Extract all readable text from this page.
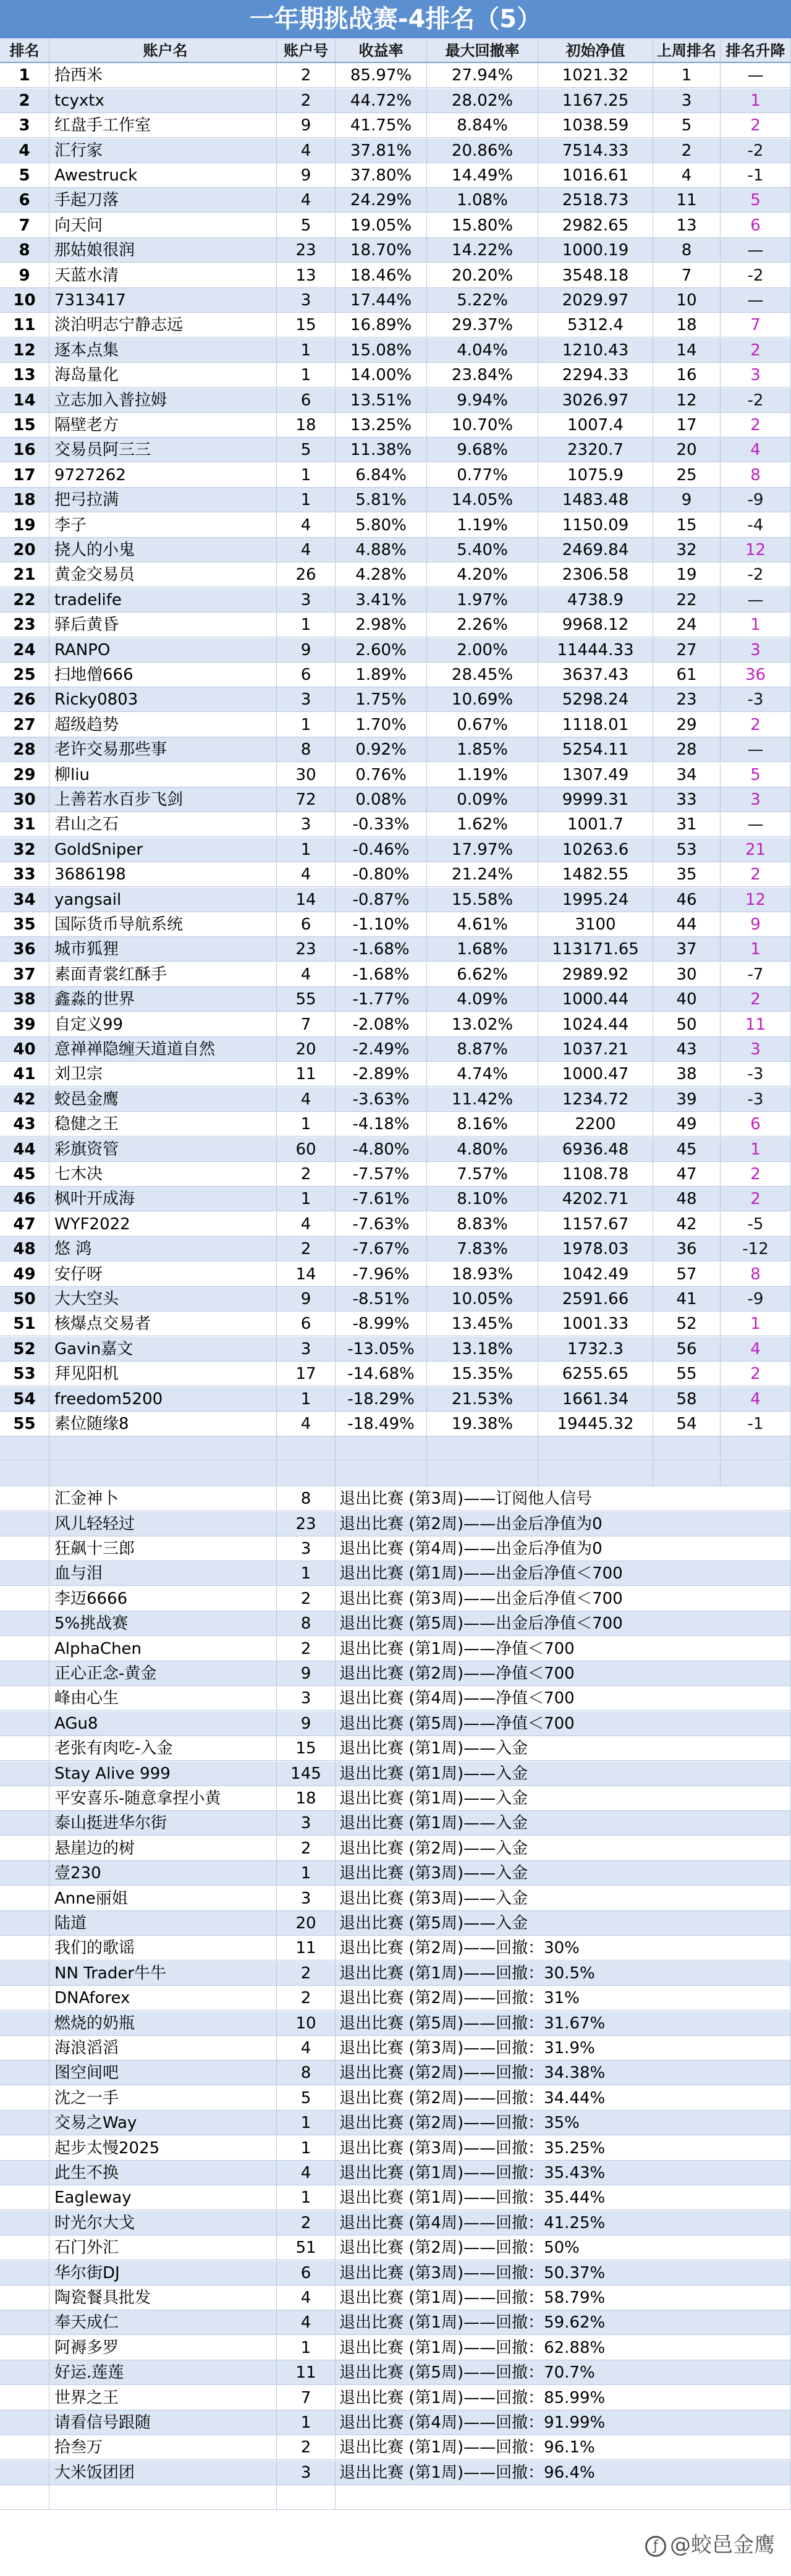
一年期挑战赛-4排名（5）
排名	账户名	账户号	收益率	最大回撤率	初始净值	上周排名 排名升降
1	拾西米	2	85.97%	27.94%	1021.32	1	—
2	tcyxtx	2	44.72%	28.02%	1167.25	3	1
3	红盘手工作室	9	41.75%	8.84%	1038.59	5	2
4	汇行家	4	37.81%	20.86%	7514.33	2	-2
5	Awestruck	9	37.80%	14.49%	1016.61	4	-1
6	手起刀落	4	24.29%	1.08%	2518.73	11	5
7	向天问	5	19.05%	15.80%	2982.65	13	6
8	那姑娘很润	23	18.70%	14.22%	1000.19	8	—
9	天蓝水清	13	18.46%	20.20%	3548.18	7	-2
10	7313417	3	17.44%	5.22%	2029.97	10	—
11	淡泊明志宁静志远	15	16.89%	29.37%	5312.4	18	7
12	逐本点集	1	15.08%	4.04%	1210.43	14	2
13	海岛量化	1	14.00%	23.84%	2294.33	16	3
14	立志加入普拉姆	6	13.51%	9.94%	3026.97	12	-2
15	隔壁老方	18	13.25%	10.70%	1007.4	17	2
16	交易员阿三三	5	11.38%	9.68%	2320.7	20	4
17	9727262	1	6.84%	0.77%	1075.9	25	8
18	把弓拉满	1	5.81%	14.05%	1483.48	9	-9
19	李子	4	5.80%	1.19%	1150.09	15	-4
20	挠人的小鬼	4	4.88%	5.40%	2469.84	32	12
21	黄金交易员	26	4.28%	4.20%	2306.58	19	-2
22	tradelife	3	3.41%	1.97%	4738.9	22	—
23	驿后黄昏	1	2.98%	2.26%	9968.12	24	1
24	RANPO	9	2.60%	2.00%	11444.33	27	3
25	扫地僧666	6	1.89%	28.45%	3637.43	61	36
26	Ricky0803	3	1.75%	10.69%	5298.24	23	-3
27	超级趋势	1	1.70%	0.67%	1118.01	29	2
28	老许交易那些事	8	0.92%	1.85%	5254.11	28	—
29	柳liu	30	0.76%	1.19%	1307.49	34	5
30	上善若水百步飞剑	72	0.08%	0.09%	9999.31	33	3
31	君山之石	3	-0.33%	1.62%	1001.7	31	—
32	GoldSniper	1	-0.46%	17.97%	10263.6	53	21
33	3686198	4	-0.80%	21.24%	1482.55	35	2
34	yangsail	14	-0.87%	15.58%	1995.24	46	12
35	国际货币导航系统	6	-1.10%	4.61%	3100	44	9
36	城市狐狸	23	-1.68%	1.68%	113171.65	37	1
37	素面青裳红酥手	4	-1.68%	6.62%	2989.92	30	-7
38	鑫淼的世界	55	-1.77%	4.09%	1000.44	40	2
39	自定义99	7	-2.08%	13.02%	1024.44	50	11
40	意禅禅隐缠天道道自然	20	-2.49%	8.87%	1037.21	43	3
41	刘卫宗	11	-2.89%	4.74%	1000.47	38	-3
42	蛟邑金鹰	4	-3.63%	11.42%	1234.72	39	-3
43	稳健之王	1	-4.18%	8.16%	2200	49	6
44	彩旗资管	60	-4.80%	4.80%	6936.48	45	1
45	七木决	2	-7.57%	7.57%	1108.78	47	2
46	枫叶开成海	1	-7.61%	8.10%	4202.71	48	2
47	WYF2022	4	-7.63%	8.83%	1157.67	42	-5
48	悠 鸿	2	-7.67%	7.83%	1978.03	36	-12
49	安仔呀	14	-7.96%	18.93%	1042.49	57	8
50	大大空头	9	-8.51%	10.05%	2591.66	41	-9
51	核爆点交易者	6	-8.99%	13.45%	1001.33	52	1
52	Gavin嘉文	3	-13.05%	13.18%	1732.3	56	4
53	拜见阳机	17	-14.68%	15.35%	6255.65	55	2
54	freedom5200	1	-18.29%	21.53%	1661.34	58	4
55	素位随缘8	4	-18.49%	19.38%	19445.32	54	-1
汇金神卜	8	退出比赛 (第3周)——订阅他人信号
风儿轻轻过	23	退出比赛 (第2周)——出金后净值为0
狂飙十三郎	3	退出比赛 (第4周)——出金后净值为0
血与泪	1	退出比赛 (第1周)——出金后净值＜700
李迈6666	2	退出比赛 (第3周)——出金后净值＜700
5%挑战赛	8	退出比赛 (第5周)——出金后净值＜700
AlphaChen	2	退出比赛 (第1周)——净值＜700
正心正念-黄金	9	退出比赛 (第2周)——净值＜700
峰由心生	3	退出比赛 (第4周)——净值＜700
AGu8	9	退出比赛 (第5周)——净值＜700
老张有肉吃-入金	15	退出比赛 (第1周)——入金
Stay Alive 999	145	退出比赛 (第1周)——入金
平安喜乐-随意拿捏小黄	18	退出比赛 (第1周)——入金
泰山挺进华尔街	3	退出比赛 (第1周)——入金
悬崖边的树	2	退出比赛 (第2周)——入金
壹230	1	退出比赛 (第3周)——入金
Anne丽姐	3	退出比赛 (第3周)——入金
陆道	20	退出比赛 (第5周)——入金
我们的歌谣	11	退出比赛 (第2周)——回撤：30%
NN Trader牛牛	2	退出比赛 (第1周)——回撤：30.5%
DNAforex	2	退出比赛 (第2周)——回撤：31%
燃烧的奶瓶	10	退出比赛 (第5周)——回撤：31.67%
海浪滔滔	4	退出比赛 (第3周)——回撤：31.9%
图空间吧	8	退出比赛 (第2周)——回撤：34.38%
沈之一手	5	退出比赛 (第2周)——回撤：34.44%
交易之Way	1	退出比赛 (第2周)——回撤：35%
起步太慢2025	1	退出比赛 (第3周)——回撤：35.25%
此生不换	4	退出比赛 (第1周)——回撤：35.43%
Eagleway	1	退出比赛 (第1周)——回撤：35.44%
时光尔大戈	2	退出比赛 (第4周)——回撤：41.25%
石门外汇	51	退出比赛 (第2周)——回撤：50%
华尔街DJ	6	退出比赛 (第3周)——回撤：50.37%
陶瓷餐具批发	4	退出比赛 (第1周)——回撤：58.79%
奉天成仁	4	退出比赛 (第1周)——回撤：59.62%
阿褥多罗	1	退出比赛 (第1周)——回撤：62.88%
好运.莲莲	11	退出比赛 (第5周)——回撤：70.7%
世界之王	7	退出比赛 (第1周)——回撤：85.99%
请看信号跟随	1	退出比赛 (第4周)——回撤：91.99%
拾叁万	2	退出比赛 (第1周)——回撤：96.1%
大米饭团团	3	退出比赛 (第1周)——回撤：96.4%
ƒ @蛟邑金鹰
